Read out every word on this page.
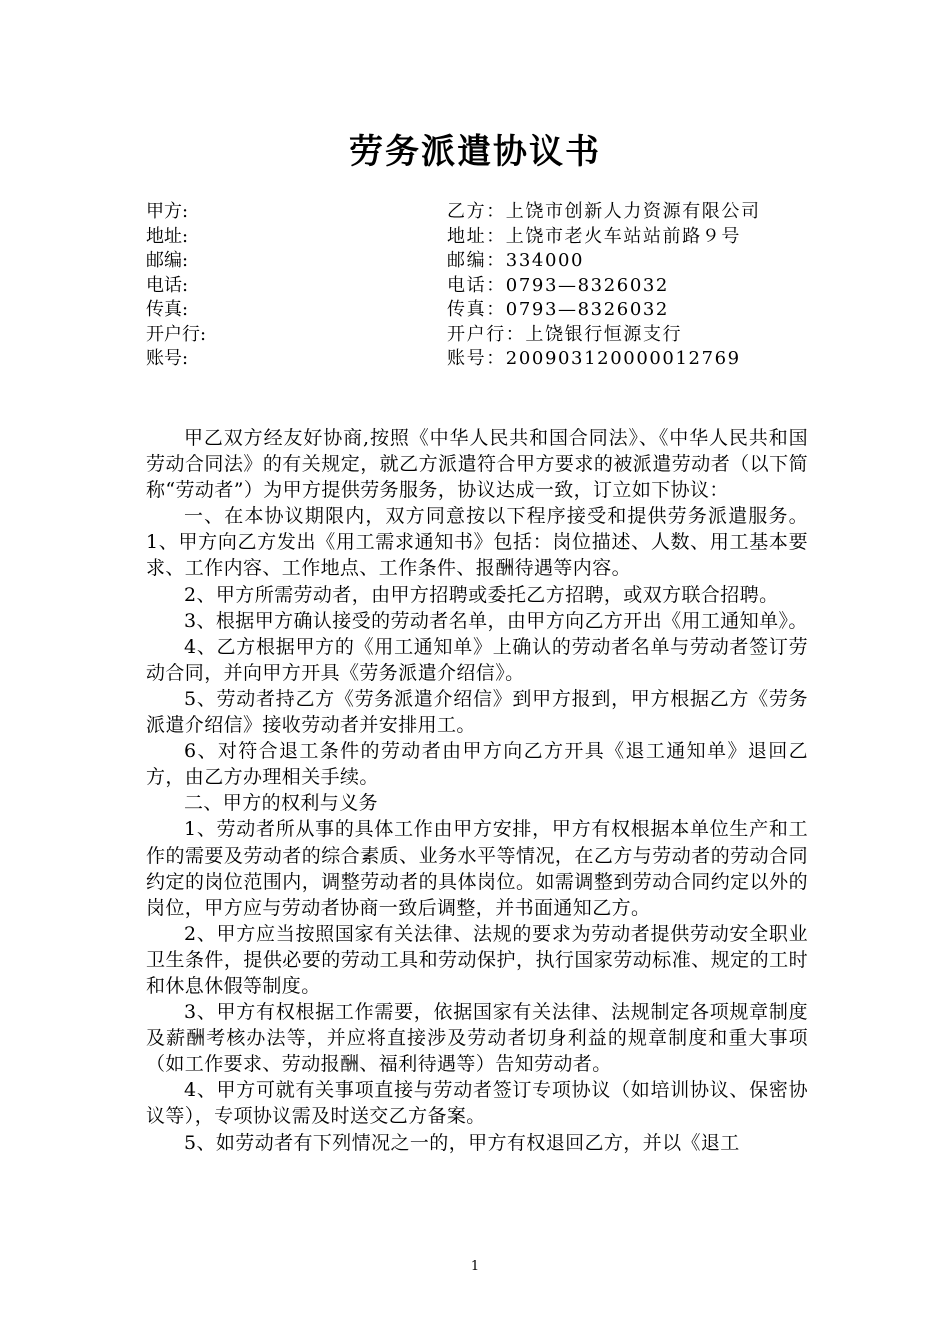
劳务派遣协议书
甲方:	乙方：上饶市创新人力资源有限公司
地址:	地址：上饶市老火车站站前路９号
邮编:	邮编：334000
电话:	电话：0793—8326032
传真:	传真：0793—8326032
开户行:	开户行：上饶银行恒源支行
账号:	账号：200903120000012769

甲乙双方经友好协商,按照《中华人民共和国合同法》、《中华人民共和国劳动合同法》的有关规定，就乙方派遣符合甲方要求的被派遣劳动者（以下简称“劳动者”）为甲方提供劳务服务，协议达成一致，订立如下协议：

一、在本协议期限内，双方同意按以下程序接受和提供劳务派遣服务。1、甲方向乙方发出《用工需求通知书》包括：岗位描述、人数、用工基本要求、工作内容、工作地点、工作条件、报酬待遇等内容。

2、甲方所需劳动者，由甲方招聘或委托乙方招聘，或双方联合招聘。

3、根据甲方确认接受的劳动者名单，由甲方向乙方开出《用工通知单》。

4、乙方根据甲方的《用工通知单》上确认的劳动者名单与劳动者签订劳动合同，并向甲方开具《劳务派遣介绍信》。

5、劳动者持乙方《劳务派遣介绍信》到甲方报到，甲方根据乙方《劳务派遣介绍信》接收劳动者并安排用工。

6、对符合退工条件的劳动者由甲方向乙方开具《退工通知单》退回乙方，由乙方办理相关手续。

二、甲方的权利与义务

1、劳动者所从事的具体工作由甲方安排，甲方有权根据本单位生产和工作的需要及劳动者的综合素质、业务水平等情况，在乙方与劳动者的劳动合同约定的岗位范围内，调整劳动者的具体岗位。如需调整到劳动合同约定以外的岗位，甲方应与劳动者协商一致后调整，并书面通知乙方。

2、甲方应当按照国家有关法律、法规的要求为劳动者提供劳动安全职业卫生条件，提供必要的劳动工具和劳动保护，执行国家劳动标准、规定的工时和休息休假等制度。

3、甲方有权根据工作需要，依据国家有关法律、法规制定各项规章制度及薪酬考核办法等，并应将直接涉及劳动者切身利益的规章制度和重大事项（如工作要求、劳动报酬、福利待遇等）告知劳动者。

4、甲方可就有关事项直接与劳动者签订专项协议（如培训协议、保密协议等），专项协议需及时送交乙方备案。

5、如劳动者有下列情况之一的，甲方有权退回乙方，并以《退工

1
